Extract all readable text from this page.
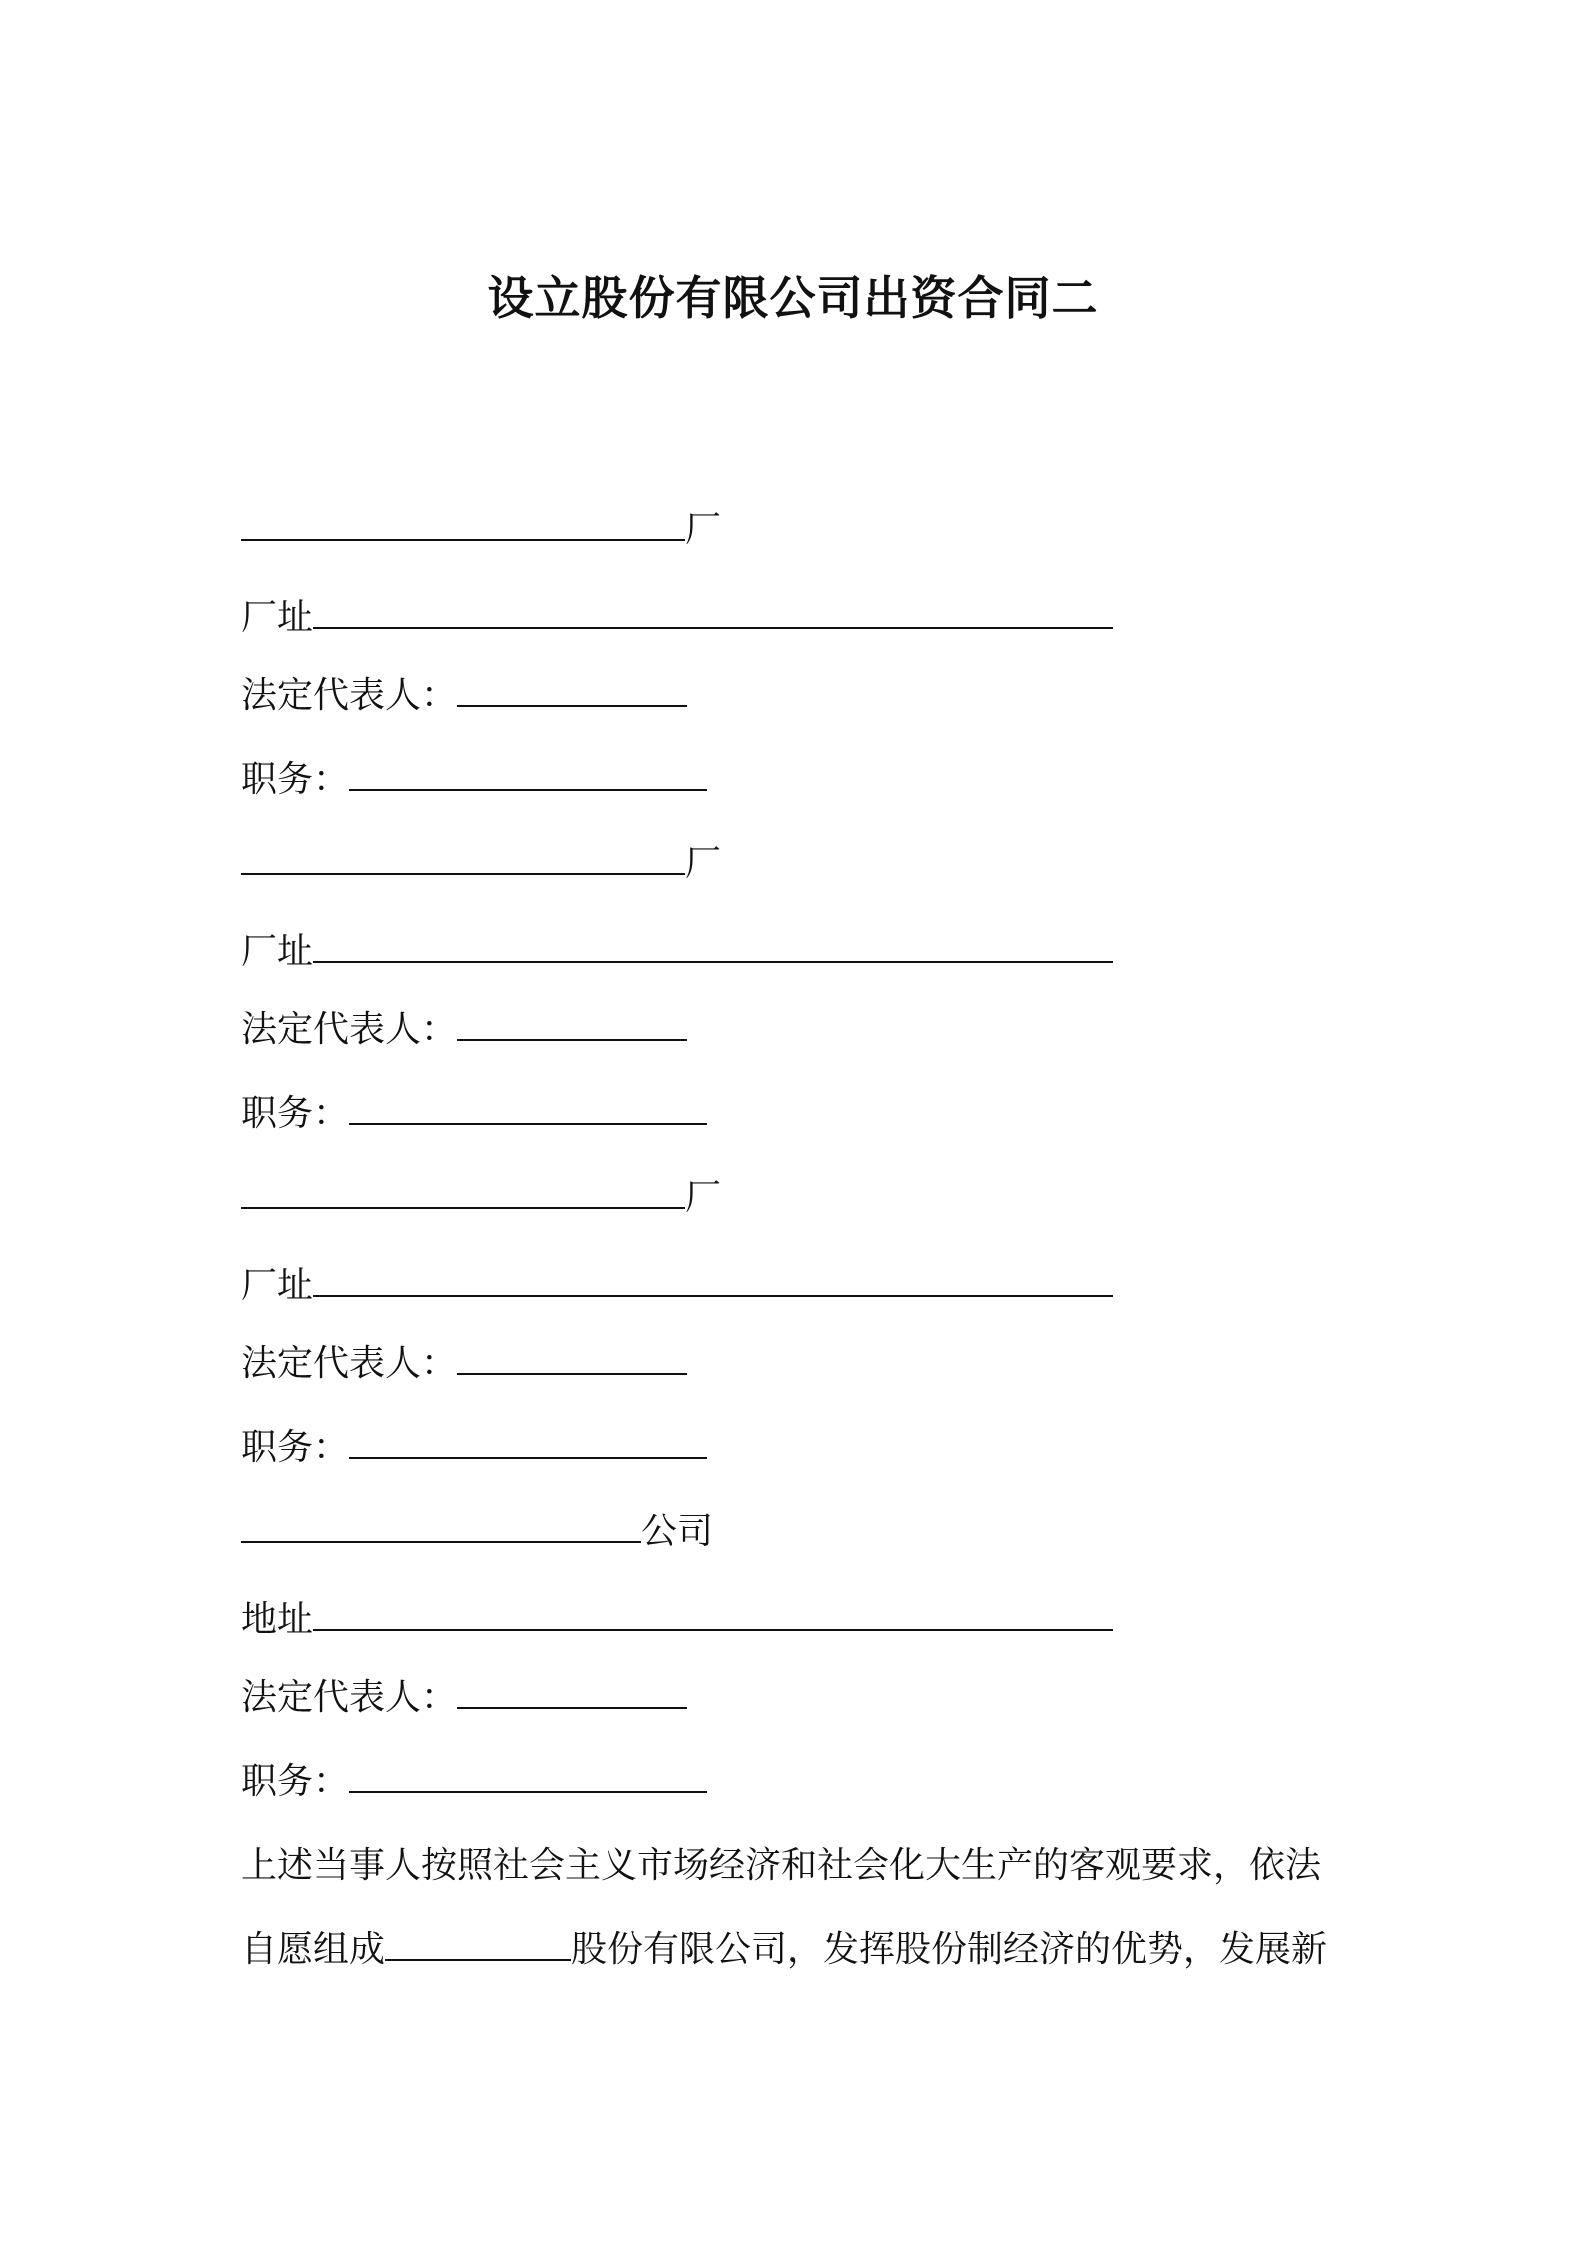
设立股份有限公司出资合同二
厂
厂址
法定代表人：
职务：
厂
厂址
法定代表人：
职务：
厂
厂址
法定代表人：
职务：
公司
地址
法定代表人：
职务：

上述当事人按照社会主义市场经济和社会化大生产的客观要求，依法

自愿组成	股份有限公司，发挥股份制经济的优势，发展新
